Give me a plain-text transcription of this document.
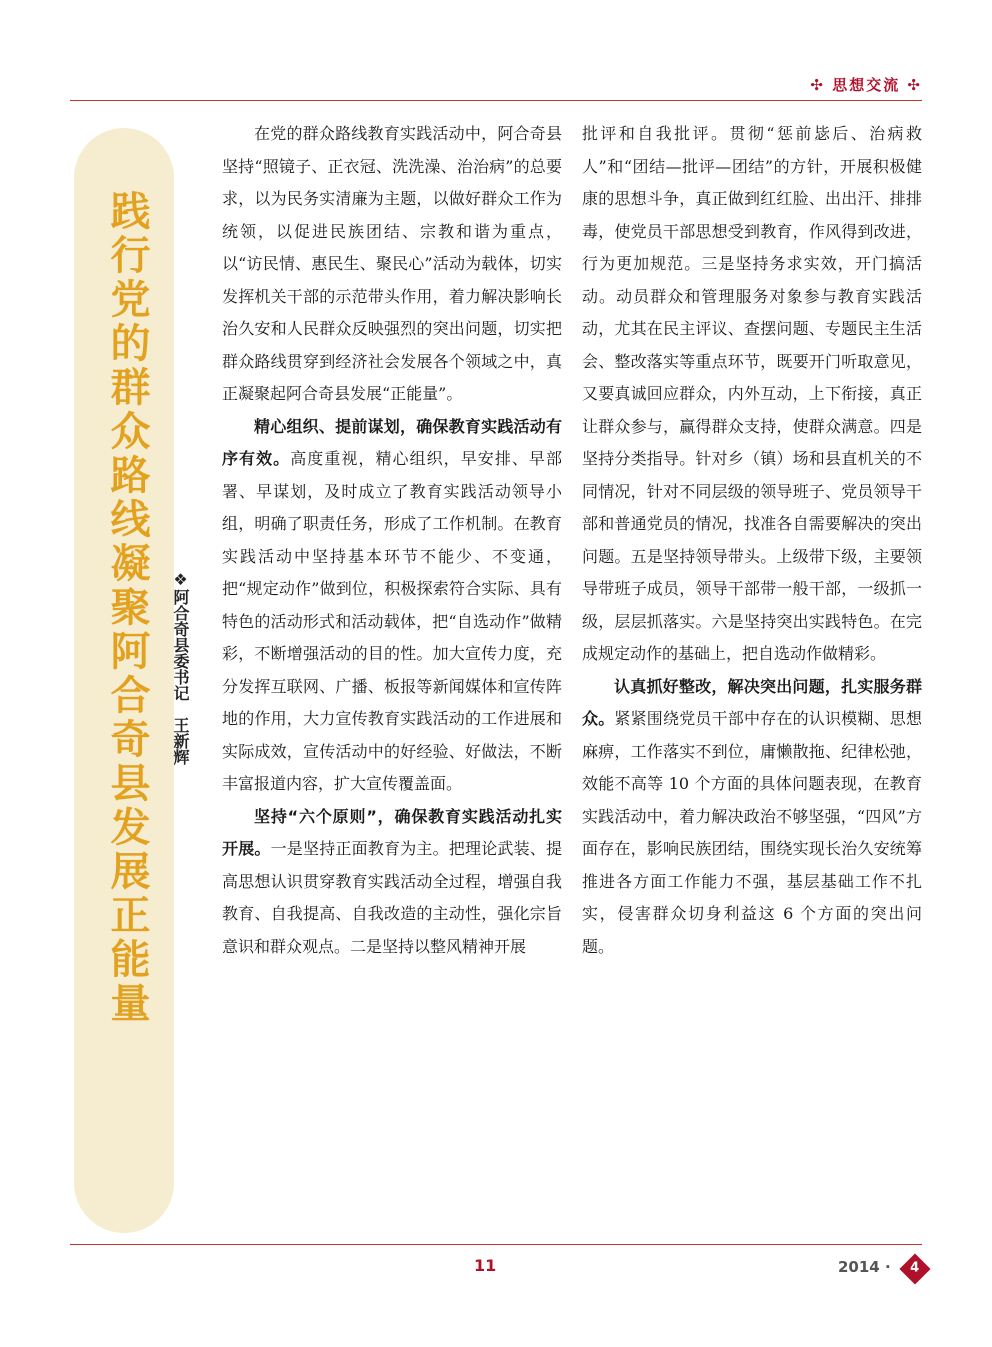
✣ 思想交流 ✣
践行党的群众路线凝聚阿合奇县发展正能量	❖阿合奇县委书记王新辉

在党的群众路线教育实践活动中，阿合奇县坚持“照镜子、正衣冠、洗洗澡、治治病”的总要求，以为民务实清廉为主题，以做好群众工作为统领，以促进民族团结、宗教和谐为重点，以“访民情、惠民生、聚民心”活动为载体，切实发挥机关干部的示范带头作用，着力解决影响长治久安和人民群众反映强烈的突出问题，切实把群众路线贯穿到经济社会发展各个领域之中，真正凝聚起阿合奇县发展“正能量”。

精心组织、提前谋划，确保教育实践活动有序有效。高度重视，精心组织，早安排、早部署、早谋划，及时成立了教育实践活动领导小组，明确了职责任务，形成了工作机制。在教育实践活动中坚持基本环节不能少、不变通，把“规定动作”做到位，积极探索符合实际、具有特色的活动形式和活动载体，把“自选动作”做精彩，不断增强活动的目的性。加大宣传力度，充分发挥互联网、广播、板报等新闻媒体和宣传阵地的作用，大力宣传教育实践活动的工作进展和实际成效，宣传活动中的好经验、好做法，不断丰富报道内容，扩大宣传覆盖面。

坚持“六个原则”，确保教育实践活动扎实开展。一是坚持正面教育为主。把理论武装、提高思想认识贯穿教育实践活动全过程，增强自我教育、自我提高、自我改造的主动性，强化宗旨意识和群众观点。二是坚持以整风精神开展

批评和自我批评。贯彻“惩前毖后、治病救人”和“团结—批评—团结”的方针，开展积极健康的思想斗争，真正做到红红脸、出出汗、排排毒，使党员干部思想受到教育，作风得到改进，行为更加规范。三是坚持务求实效，开门搞活动。动员群众和管理服务对象参与教育实践活动，尤其在民主评议、查摆问题、专题民主生活会、整改落实等重点环节，既要开门听取意见，又要真诚回应群众，内外互动，上下衔接，真正让群众参与，赢得群众支持，使群众满意。四是坚持分类指导。针对乡（镇）场和县直机关的不同情况，针对不同层级的领导班子、党员领导干部和普通党员的情况，找准各自需要解决的突出问题。五是坚持领导带头。上级带下级，主要领导带班子成员，领导干部带一般干部，一级抓一级，层层抓落实。六是坚持突出实践特色。在完成规定动作的基础上，把自选动作做精彩。

认真抓好整改，解决突出问题，扎实服务群众。紧紧围绕党员干部中存在的认识模糊、思想麻痹，工作落实不到位，庸懒散拖、纪律松弛，效能不高等 10 个方面的具体问题表现，在教育实践活动中，着力解决政治不够坚强，“四风”方面存在，影响民族团结，围绕实现长治久安统筹推进各方面工作能力不强，基层基础工作不扎实，侵害群众切身利益这 6 个方面的突出问题。

11	2014 · 4
